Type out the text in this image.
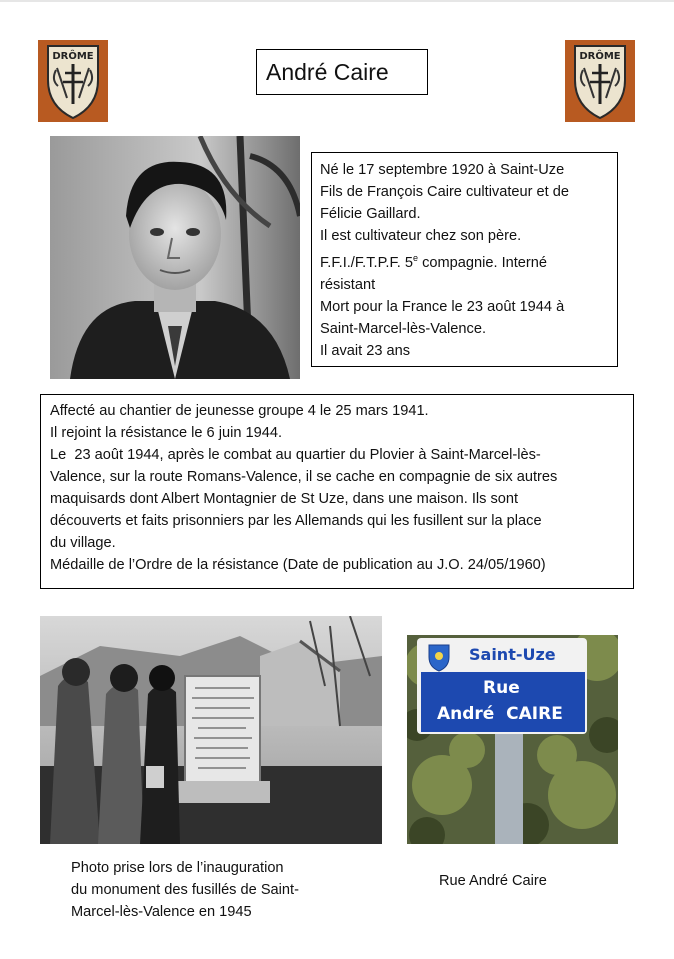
DRÔME	DRÔME
André Caire

Né le 17 septembre 1920 à Saint-Uze

Fils de François Caire cultivateur et de

Félicie Gaillard.

Il est cultivateur chez son père.

F.F.I./F.T.P.F. 5e compagnie. Interné

résistant

Mort pour la France le 23 août 1944 à

Saint-Marcel-lès-Valence.

Il avait 23 ans

Affecté au chantier de jeunesse groupe 4 le 25 mars 1941.

Il rejoint la résistance le 6 juin 1944.

Le  23 août 1944, après le combat au quartier du Plovier à Saint-Marcel-lès-

Valence, sur la route Romans-Valence, il se cache en compagnie de six autres

maquisards dont Albert Montagnier de St Uze, dans une maison. Ils sont

découverts et faits prisonniers par les Allemands qui les fusillent sur la place

du village.

Médaille de l’Ordre de la résistance (Date de publication au J.O. 24/05/1960)

Photo prise lors de l’inauguration

du monument des fusillés de Saint-

Marcel-lès-Valence en 1945

Saint-Uze
Rue
André  CAIRE
Rue André Caire
